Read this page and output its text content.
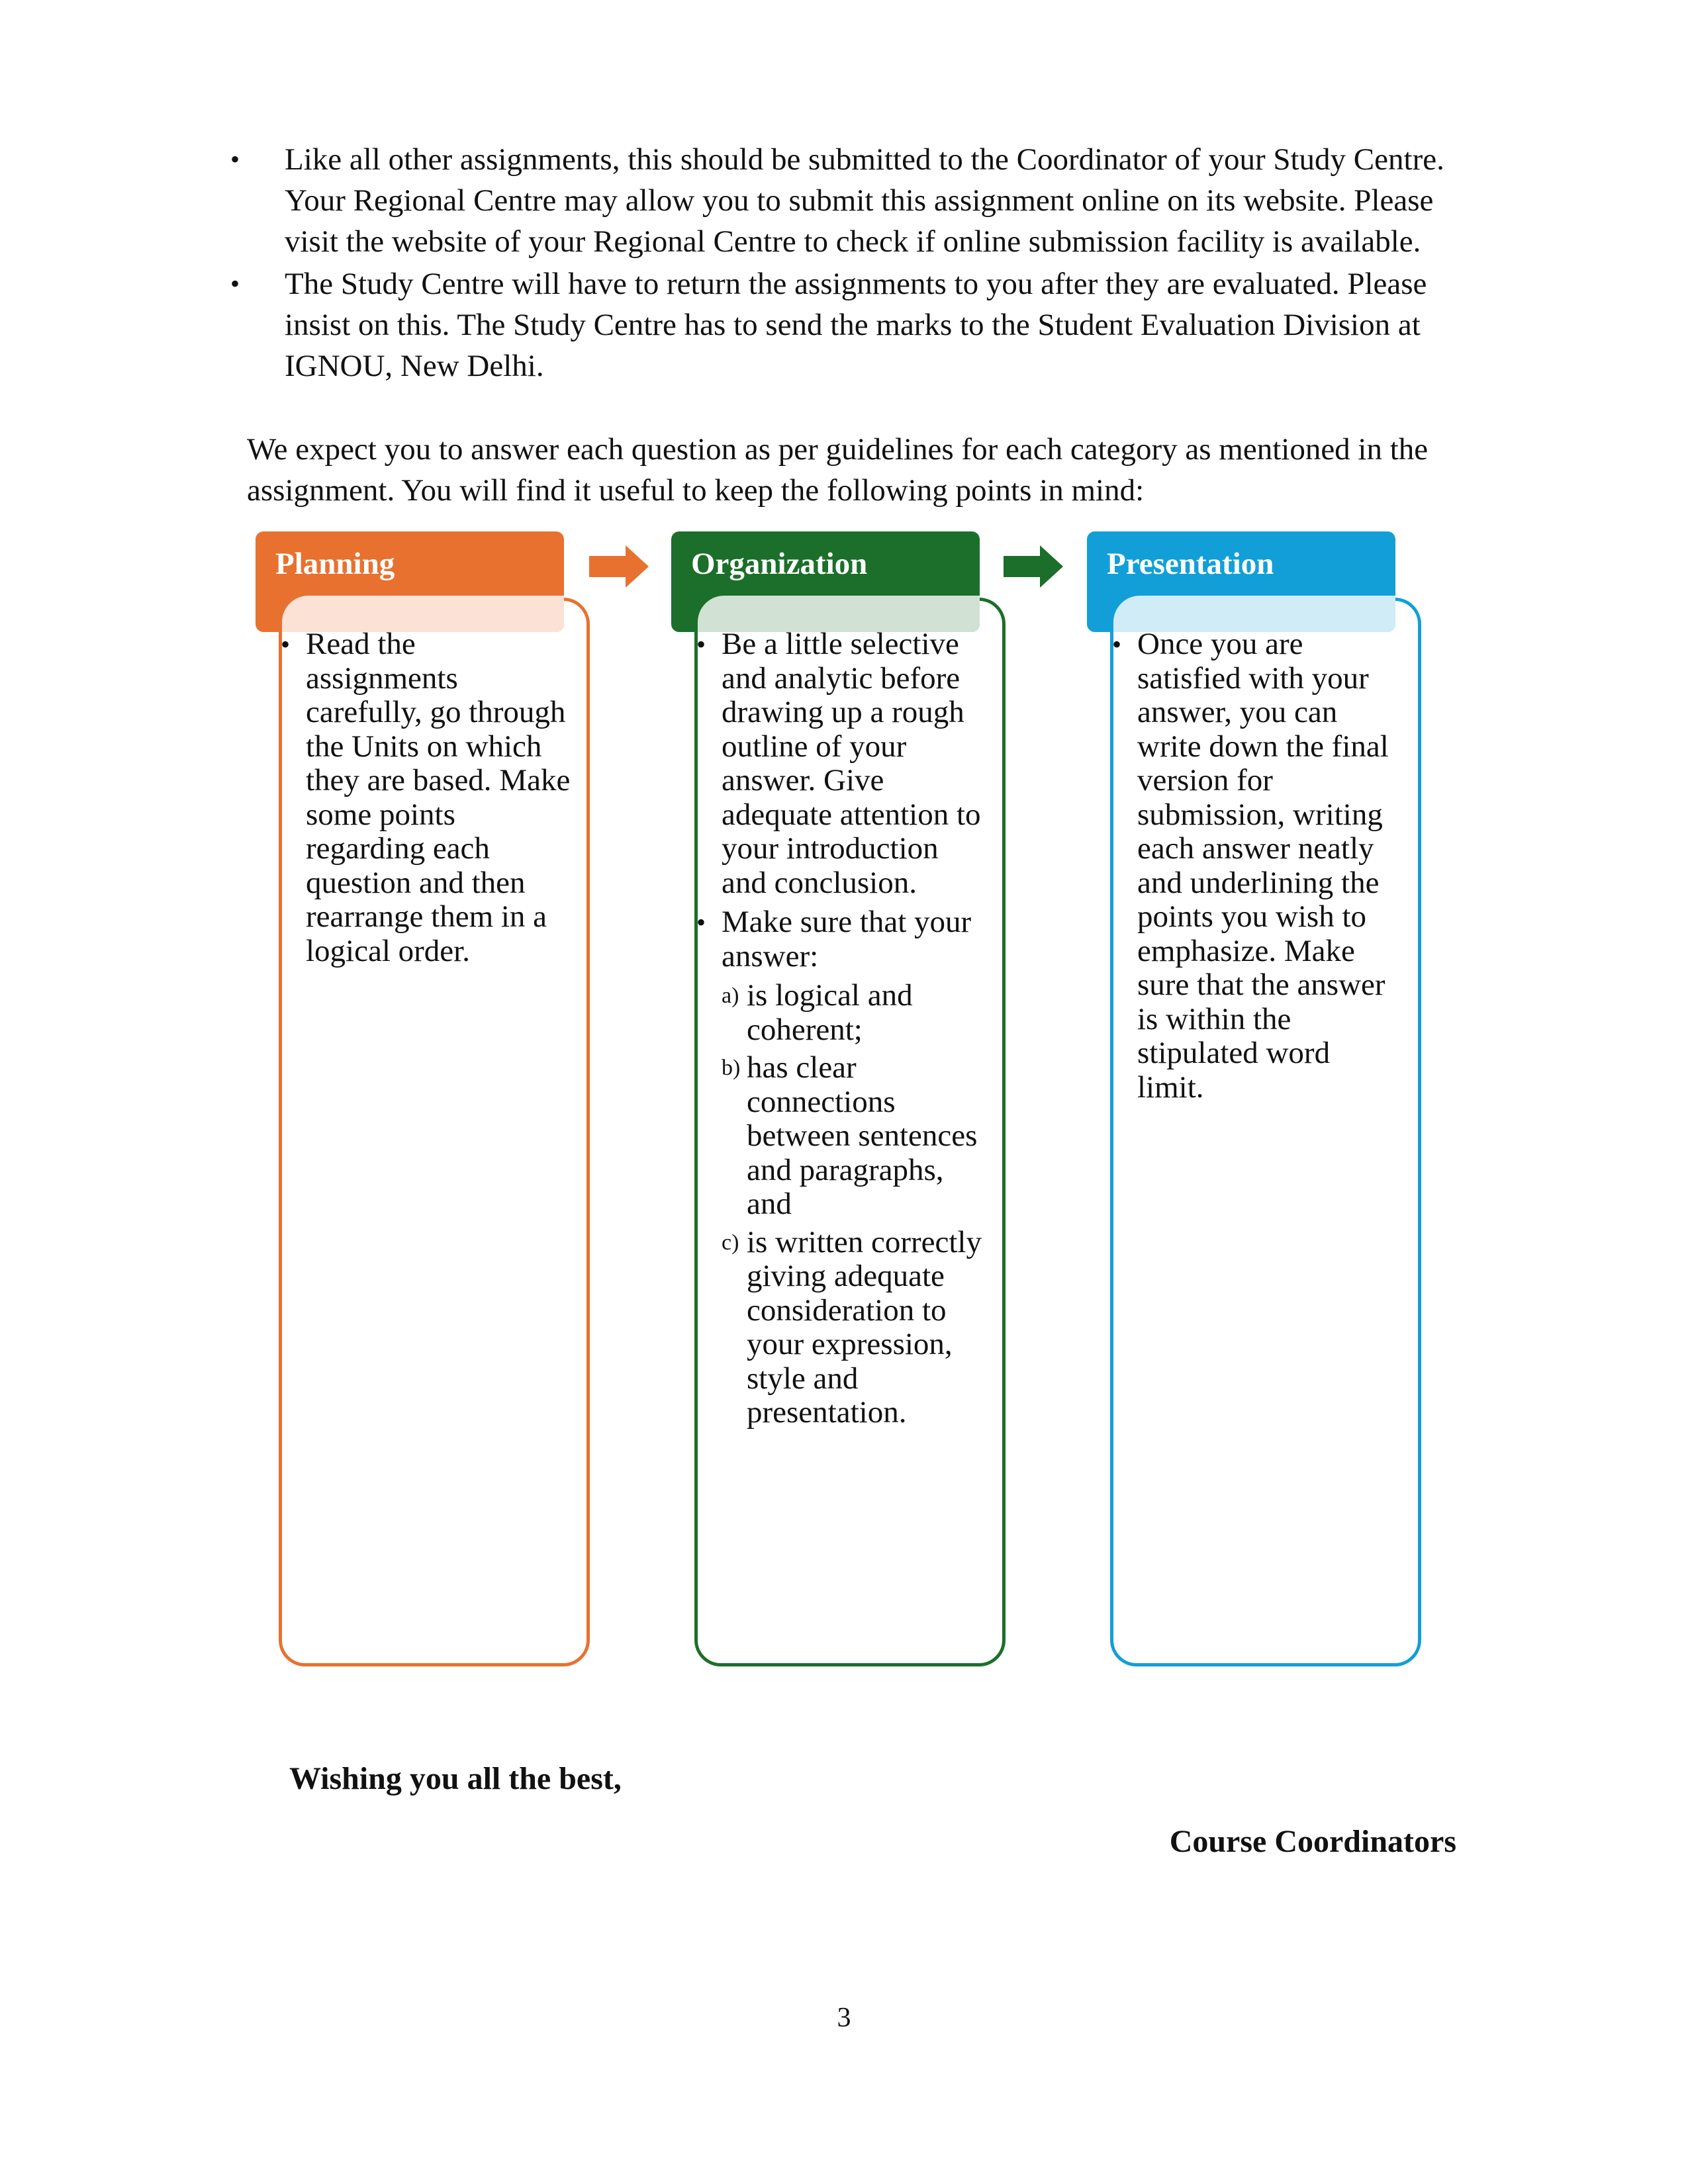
• Like all other assignments, this should be submitted to the Coordinator of your Study Centre. Your Regional Centre may allow you to submit this assignment online on its website. Please visit the website of your Regional Centre to check if online submission facility is available.
• The Study Centre will have to return the assignments to you after they are evaluated. Please insist on this. The Study Centre has to send the marks to the Student Evaluation Division at IGNOU, New Delhi.

We expect you to answer each question as per guidelines for each category as mentioned in the assignment. You will find it useful to keep the following points in mind:

Planning
• Read the assignments carefully, go through the Units on which they are based. Make some points regarding each question and then rearrange them in a logical order.
Organization
• Be a little selective and analytic before drawing up a rough outline of your answer. Give adequate attention to your introduction and conclusion.
• Make sure that your answer:
a) is logical and coherent;
b) has clear connections between sentences and paragraphs, and
c) is written correctly giving adequate consideration to your expression, style and presentation.
Presentation
• Once you are satisfied with your answer, you can write down the final version for submission, writing each answer neatly and underlining the points you wish to emphasize. Make sure that the answer is within the stipulated word limit.
Wishing you all the best,
Course Coordinators
3
